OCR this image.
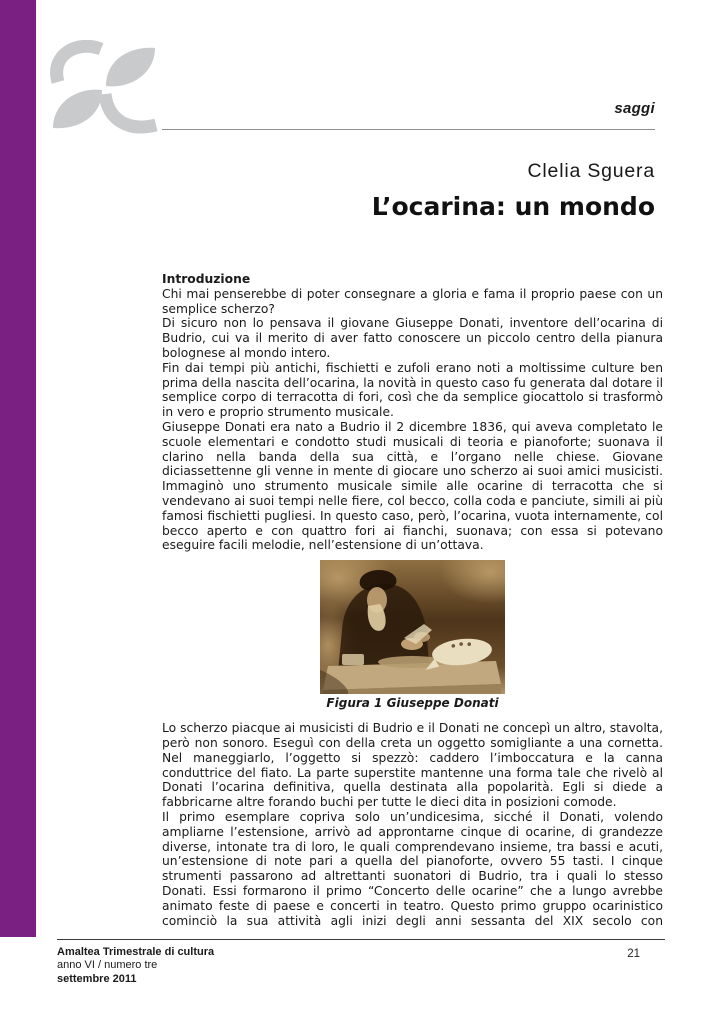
saggi
Clelia Sguera
L’ocarina: un mondo
Introduzione

Chi mai penserebbe di poter consegnare a gloria e fama il proprio paese con un semplice scherzo?

Di sicuro non lo pensava il giovane Giuseppe Donati, inventore dell’ocarina di Budrio, cui va il merito di aver fatto conoscere un piccolo centro della pianura bolognese al mondo intero.

Fin dai tempi più antichi, fischietti e zufoli erano noti a moltissime culture ben prima della nascita dell’ocarina, la novità in questo caso fu generata dal dotare il semplice corpo di terracotta di fori, così che da semplice giocattolo si trasformò in vero e proprio strumento musicale.

Giuseppe Donati era nato a Budrio il 2 dicembre 1836, qui aveva completato le scuole elementari e condotto studi musicali di teoria e pianoforte; suonava il clarino nella banda della sua città, e l’organo nelle chiese. Giovane diciassettenne gli venne in mente di giocare uno scherzo ai suoi amici musicisti. Immaginò uno strumento musicale simile alle ocarine di terracotta che si vendevano ai suoi tempi nelle fiere, col becco, colla coda e panciute, simili ai più famosi fischietti pugliesi. In questo caso, però, l’ocarina, vuota internamente, col becco aperto e con quattro fori ai fianchi, suonava; con essa si potevano eseguire facili melodie, nell’estensione di un’ottava.

Figura 1 Giuseppe Donati

Lo scherzo piacque ai musicisti di Budrio e il Donati ne concepì un altro, stavolta, però non sonoro. Eseguì con della creta un oggetto somigliante a una cornetta. Nel maneggiarlo, l’oggetto si spezzò: caddero l’imboccatura e la canna conduttrice del fiato. La parte superstite mantenne una forma tale che rivelò al Donati l’ocarina definitiva, quella destinata alla popolarità. Egli si diede a fabbricarne altre forando buchi per tutte le dieci dita in posizioni comode.

Il primo esemplare copriva solo un’undicesima, sicché il Donati, volendo ampliarne l’estensione, arrivò ad approntarne cinque di ocarine, di grandezze diverse, intonate tra di loro, le quali comprendevano insieme, tra bassi e acuti, un’estensione di note pari a quella del pianoforte, ovvero 55 tasti. I cinque strumenti passarono ad altrettanti suonatori di Budrio, tra i quali lo stesso Donati. Essi formarono il primo “Concerto delle ocarine” che a lungo avrebbe animato feste di paese e concerti in teatro. Questo primo gruppo ocarinistico cominciò la sua attività agli inizi degli anni sessanta del XIX secolo con

Amaltea Trimestrale di cultura
anno VI / numero tre
settembre 2011
21
